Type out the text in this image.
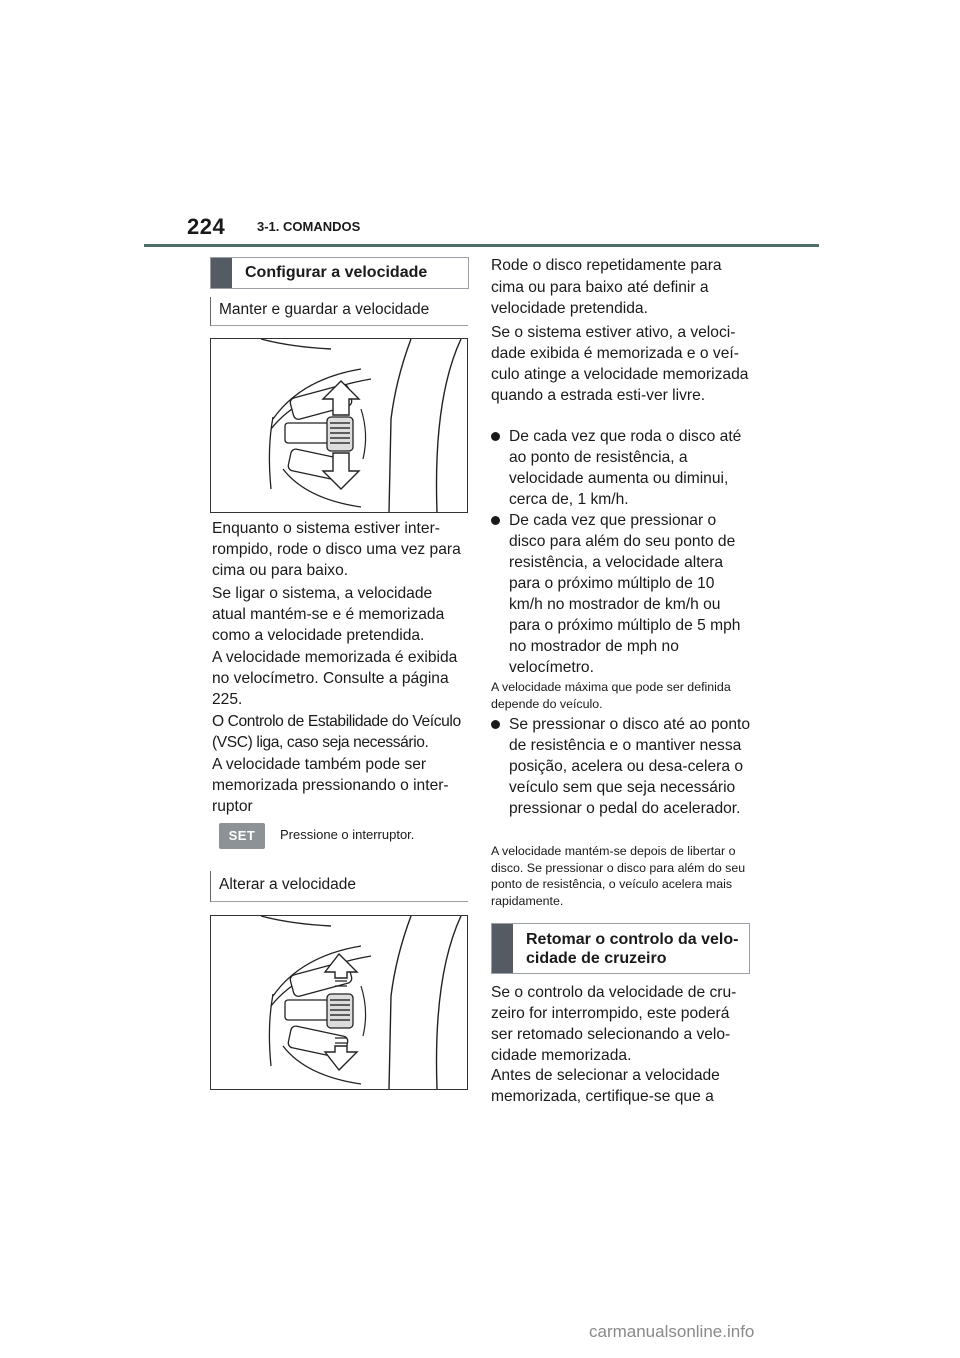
224 3-1. COMANDOS
Configurar a velocidade
Manter e guardar a velocidade
Enquanto o sistema estiver inter-rompido, rode o disco uma vez para cima ou para baixo.
Se ligar o sistema, a velocidade atual mantém-se e é memorizada como a velocidade pretendida.
A velocidade memorizada é exibida no velocímetro. Consulte a página 225.
O Controlo de Estabilidade do Veículo (VSC) liga, caso seja necessário.
A velocidade também pode ser memorizada pressionando o inter-ruptor
SET	Pressione o interruptor.
Alterar a velocidade
Rode o disco repetidamente para cima ou para baixo até definir a velocidade pretendida.
Se o sistema estiver ativo, a veloci-dade exibida é memorizada e o veí-culo atinge a velocidade memorizada quando a estrada esti-ver livre.
De cada vez que roda o disco até ao ponto de resistência, a velocidade aumenta ou diminui, cerca de, 1 km/h.
De cada vez que pressionar o disco para além do seu ponto de resistência, a velocidade altera para o próximo múltiplo de 10 km/h no mostrador de km/h ou para o próximo múltiplo de 5 mph no mostrador de mph no velocímetro.
A velocidade máxima que pode ser definida depende do veículo.
Se pressionar o disco até ao ponto de resistência e o mantiver nessa posição, acelera ou desa-celera o veículo sem que seja necessário pressionar o pedal do acelerador.
A velocidade mantém-se depois de libertar o disco. Se pressionar o disco para além do seu ponto de resistência, o veículo acelera mais rapidamente.
Retomar o controlo da velo-cidade de cruzeiro
Se o controlo da velocidade de cru-zeiro for interrompido, este poderá ser retomado selecionando a velo-cidade memorizada.
Antes de selecionar a velocidade memorizada, certifique-se que a
carmanualsonline.info
